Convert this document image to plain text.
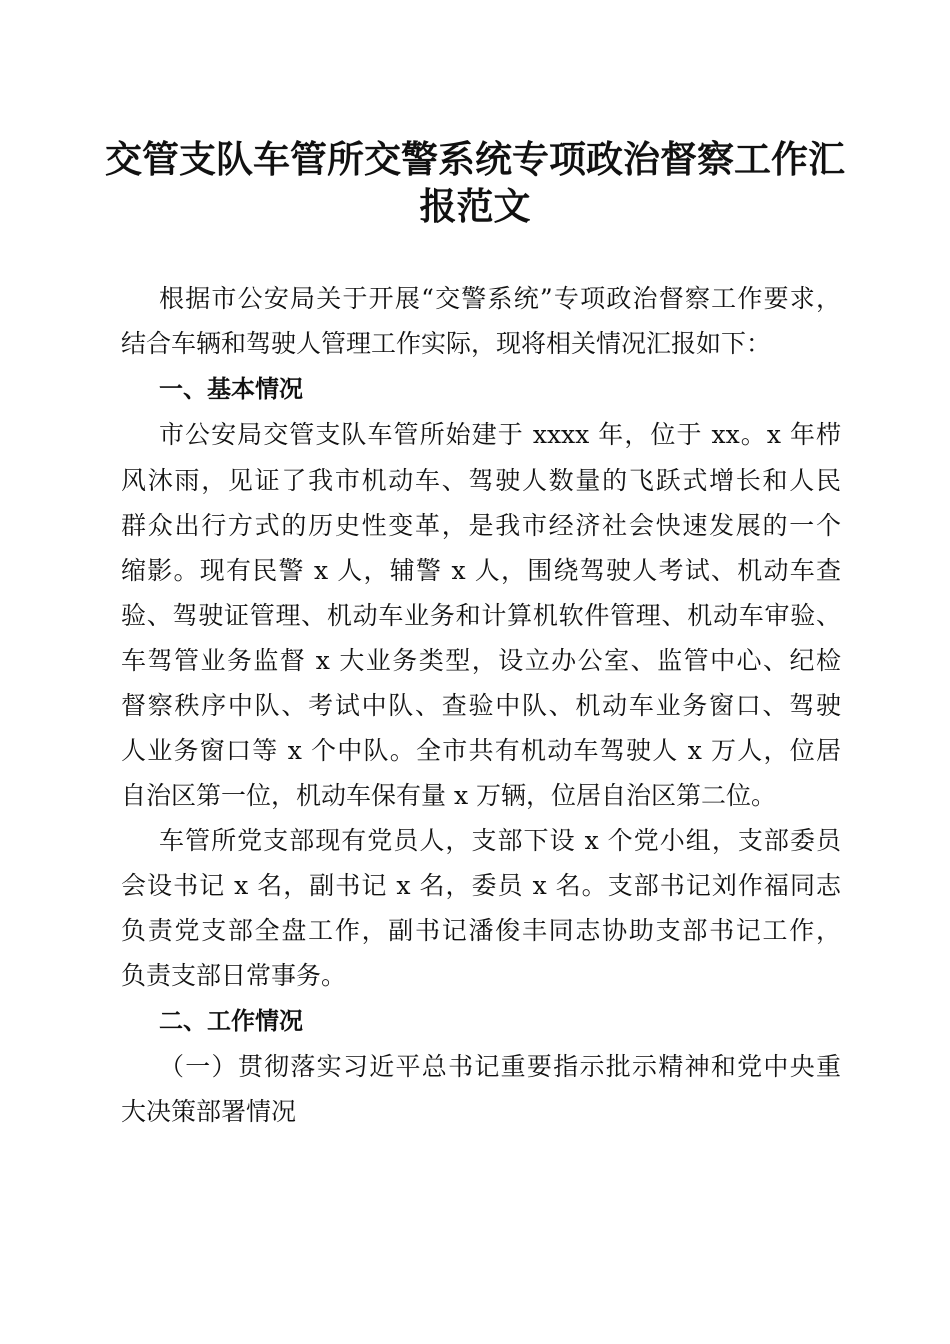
交管支队车管所交警系统专项政治督察工作汇
报范文
根据市公安局关于开展“交警系统”专项政治督察工作要求，
结合车辆和驾驶人管理工作实际，现将相关情况汇报如下：
一、基本情况
市公安局交管支队车管所始建于 xxxx 年，位于 xx。x 年栉
风沐雨，见证了我市机动车、驾驶人数量的飞跃式增长和人民
群众出行方式的历史性变革，是我市经济社会快速发展的一个
缩影。现有民警 x 人，辅警 x 人，围绕驾驶人考试、机动车查
验、驾驶证管理、机动车业务和计算机软件管理、机动车审验、
车驾管业务监督 x 大业务类型，设立办公室、监管中心、纪检
督察秩序中队、考试中队、查验中队、机动车业务窗口、驾驶
人业务窗口等 x 个中队。全市共有机动车驾驶人 x 万人，位居
自治区第一位，机动车保有量 x 万辆，位居自治区第二位。
车管所党支部现有党员人，支部下设 x 个党小组，支部委员
会设书记 x 名，副书记 x 名，委员 x 名。支部书记刘作福同志
负责党支部全盘工作，副书记潘俊丰同志协助支部书记工作，
负责支部日常事务。
二、工作情况
（一）贯彻落实习近平总书记重要指示批示精神和党中央重
大决策部署情况
